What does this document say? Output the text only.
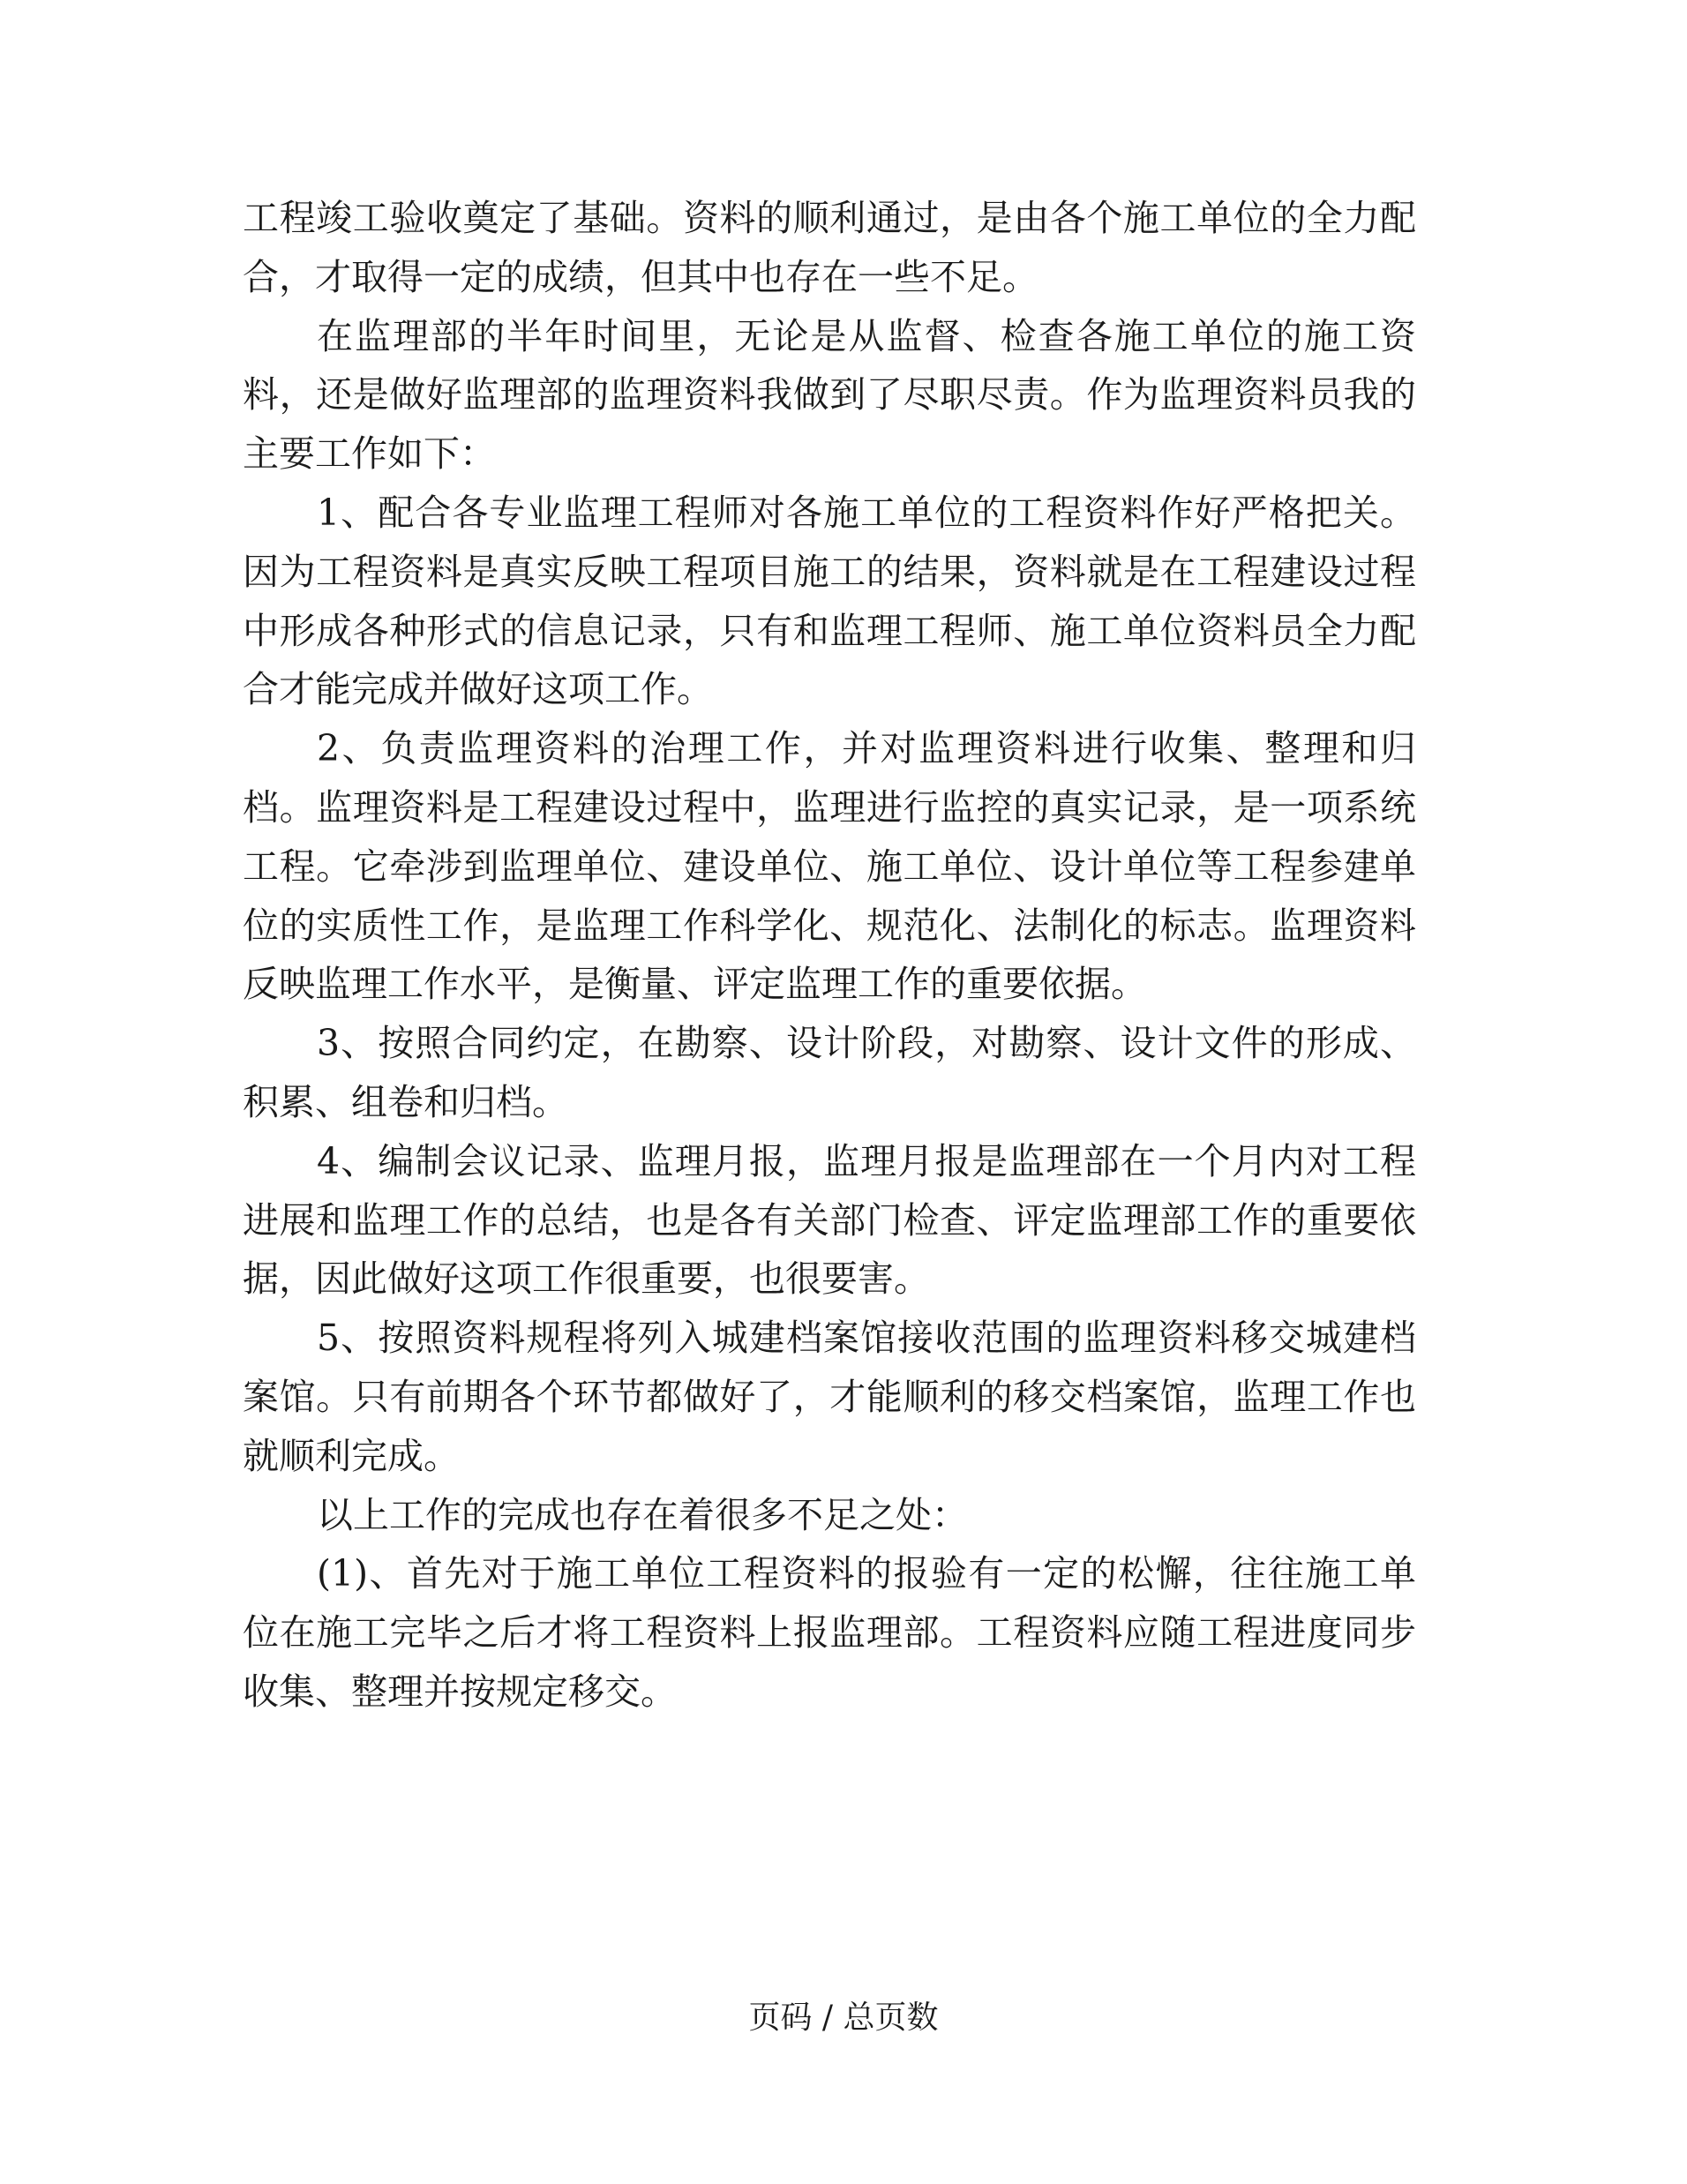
工程竣工验收奠定了基础。资料的顺利通过，是由各个施工单位的全力配合，才取得一定的成绩，但其中也存在一些不足。

在监理部的半年时间里，无论是从监督、检查各施工单位的施工资料，还是做好监理部的监理资料我做到了尽职尽责。作为监理资料员我的主要工作如下：

1、配合各专业监理工程师对各施工单位的工程资料作好严格把关。因为工程资料是真实反映工程项目施工的结果，资料就是在工程建设过程中形成各种形式的信息记录，只有和监理工程师、施工单位资料员全力配合才能完成并做好这项工作。

2、负责监理资料的治理工作，并对监理资料进行收集、整理和归档。监理资料是工程建设过程中，监理进行监控的真实记录，是一项系统工程。它牵涉到监理单位、建设单位、施工单位、设计单位等工程参建单位的实质性工作，是监理工作科学化、规范化、法制化的标志。监理资料反映监理工作水平，是衡量、评定监理工作的重要依据。

3、按照合同约定，在勘察、设计阶段，对勘察、设计文件的形成、积累、组卷和归档。

4、编制会议记录、监理月报，监理月报是监理部在一个月内对工程进展和监理工作的总结，也是各有关部门检查、评定监理部工作的重要依据，因此做好这项工作很重要，也很要害。

5、按照资料规程将列入城建档案馆接收范围的监理资料移交城建档案馆。只有前期各个环节都做好了，才能顺利的移交档案馆，监理工作也就顺利完成。

以上工作的完成也存在着很多不足之处：

(1)、首先对于施工单位工程资料的报验有一定的松懈，往往施工单位在施工完毕之后才将工程资料上报监理部。工程资料应随工程进度同步收集、整理并按规定移交。

页码 / 总页数
